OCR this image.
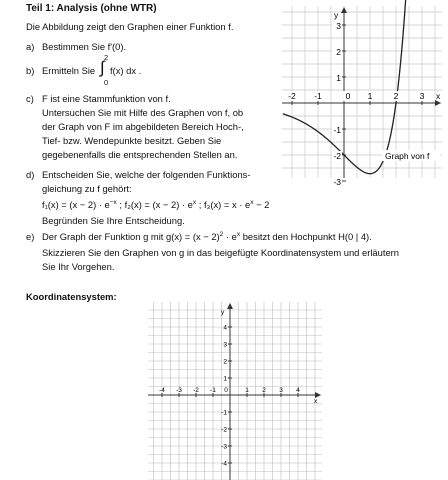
Teil 1: Analysis (ohne WTR)
Die Abbildung zeigt den Graphen einer Funktion f.
a) Bestimmen Sie f'(0).
b) Ermitteln Sie
2
∫
0
f(x) dx .
c) F ist eine Stammfunktion von f.
Untersuchen Sie mit Hilfe des Graphen von f, ob
der Graph von F im abgebildeten Bereich Hoch-,
Tief- bzw. Wendepunkte besitzt. Geben Sie
gegebenenfalls die entsprechenden Stellen an.
d) Entscheiden Sie, welche der folgenden Funktions-
gleichung zu f gehört:
$f_1(x) = (x - 2) \cdot e^{-x}$ ; $f_2(x) = (x - 2) \cdot e^x$ ; $f_3(x) = x \cdot e^x - 2$
Begründen Sie Ihre Entscheidung.
e) Der Graph der Funktion g mit $g(x) = (x - 2)^2 \cdot e^x$ besitzt den Hochpunkt H(0 | 4).
Skizzieren Sie den Graphen von g in das beigefügte Koordinatensystem und erläutern
Sie Ihr Vorgehen.
Koordinatensystem:
-2 -1	0 1	2	3 x
3
2
1
-1
-2
-3
y
Graph von f
-4 -3 -2 -1 0	1 2 3 4
x
4
3
2
1
-1
-2
-3
-4
y
